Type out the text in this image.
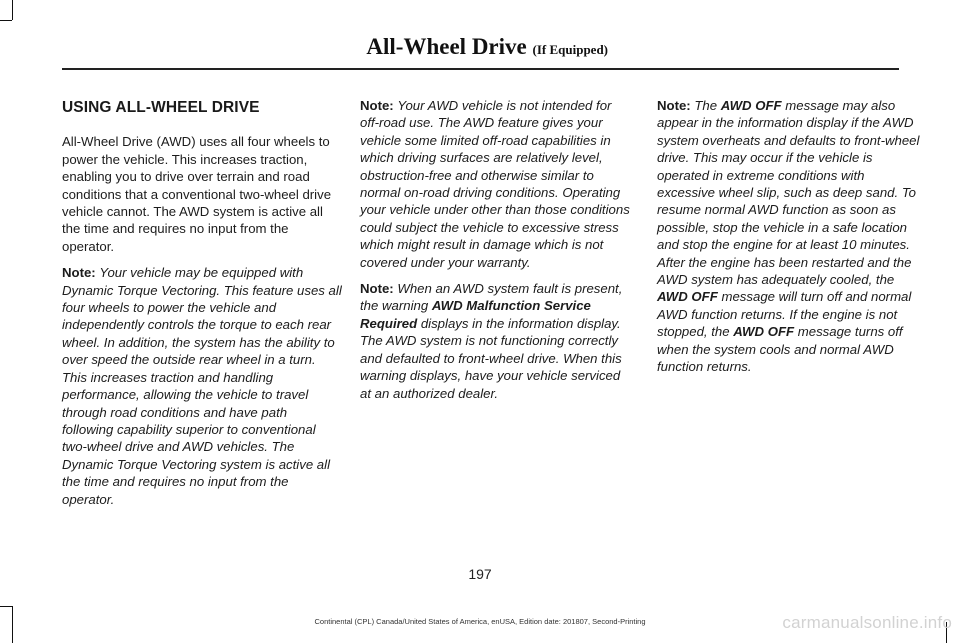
All-Wheel Drive (If Equipped)
USING ALL-WHEEL DRIVE

All-Wheel Drive (AWD) uses all four wheels to power the vehicle. This increases traction, enabling you to drive over terrain and road conditions that a conventional two-wheel drive vehicle cannot. The AWD system is active all the time and requires no input from the operator.

Note: Your vehicle may be equipped with Dynamic Torque Vectoring. This feature uses all four wheels to power the vehicle and independently controls the torque to each rear wheel. In addition, the system has the ability to over speed the outside rear wheel in a turn. This increases traction and handling performance, allowing the vehicle to travel through road conditions and have path following capability superior to conventional two-wheel drive and AWD vehicles. The Dynamic Torque Vectoring system is active all the time and requires no input from the operator.

Note: Your AWD vehicle is not intended for off-road use. The AWD feature gives your vehicle some limited off-road capabilities in which driving surfaces are relatively level, obstruction-free and otherwise similar to normal on-road driving conditions. Operating your vehicle under other than those conditions could subject the vehicle to excessive stress which might result in damage which is not covered under your warranty.

Note: When an AWD system fault is present, the warning AWD Malfunction Service Required displays in the information display. The AWD system is not functioning correctly and defaulted to front-wheel drive. When this warning displays, have your vehicle serviced at an authorized dealer.

Note: The AWD OFF message may also appear in the information display if the AWD system overheats and defaults to front-wheel drive. This may occur if the vehicle is operated in extreme conditions with excessive wheel slip, such as deep sand. To resume normal AWD function as soon as possible, stop the vehicle in a safe location and stop the engine for at least 10 minutes. After the engine has been restarted and the AWD system has adequately cooled, the AWD OFF message will turn off and normal AWD function returns. If the engine is not stopped, the AWD OFF message turns off when the system cools and normal AWD function returns.

197
Continental (CPL) Canada/United States of America, enUSA, Edition date: 201807, Second-Printing	carmanualsonline.info
